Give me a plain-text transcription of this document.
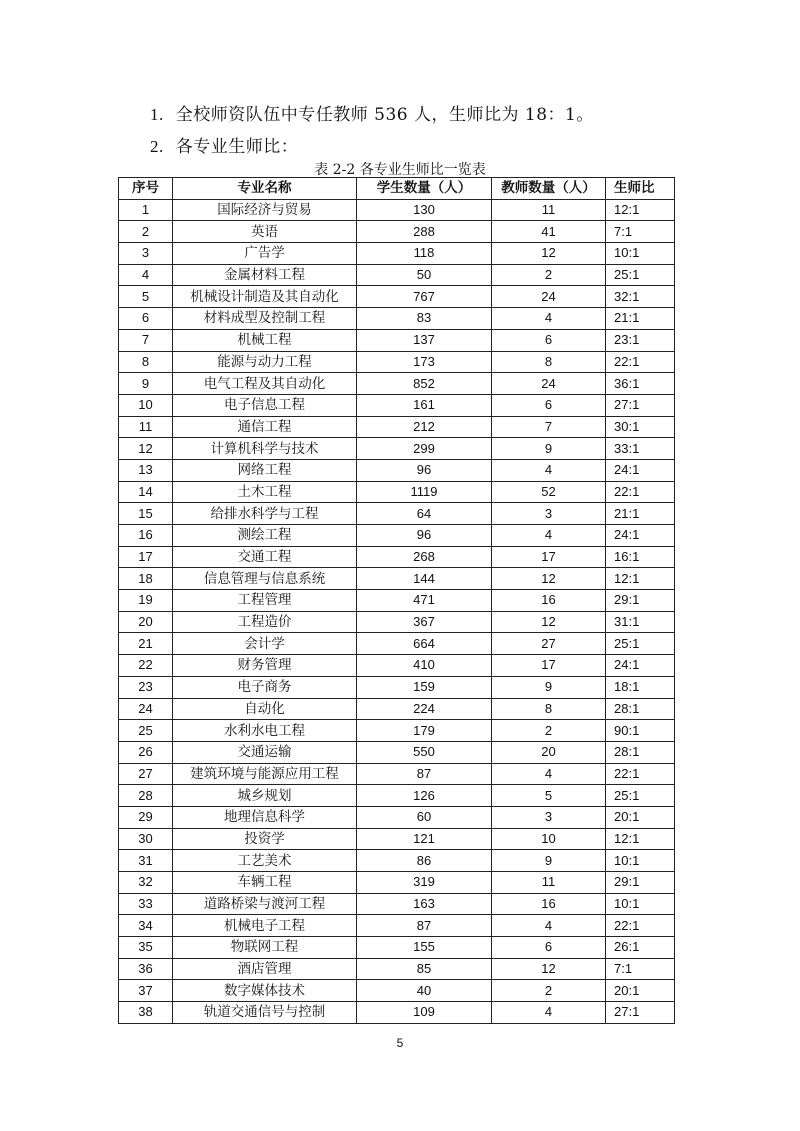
1. 全校师资队伍中专任教师 536 人，生师比为 18：1。
2. 各专业生师比：
表 2-2 各专业生师比一览表
序号	专业名称	学生数量（人）	教师数量（人）	生师比
1	国际经济与贸易	130	11	12:1
2	英语	288	41	7:1
3	广告学	118	12	10:1
4	金属材料工程	50	2	25:1
5	机械设计制造及其自动化	767	24	32:1
6	材料成型及控制工程	83	4	21:1
7	机械工程	137	6	23:1
8	能源与动力工程	173	8	22:1
9	电气工程及其自动化	852	24	36:1
10	电子信息工程	161	6	27:1
11	通信工程	212	7	30:1
12	计算机科学与技术	299	9	33:1
13	网络工程	96	4	24:1
14	土木工程	1119	52	22:1
15	给排水科学与工程	64	3	21:1
16	测绘工程	96	4	24:1
17	交通工程	268	17	16:1
18	信息管理与信息系统	144	12	12:1
19	工程管理	471	16	29:1
20	工程造价	367	12	31:1
21	会计学	664	27	25:1
22	财务管理	410	17	24:1
23	电子商务	159	9	18:1
24	自动化	224	8	28:1
25	水利水电工程	179	2	90:1
26	交通运输	550	20	28:1
27	建筑环境与能源应用工程	87	4	22:1
28	城乡规划	126	5	25:1
29	地理信息科学	60	3	20:1
30	投资学	121	10	12:1
31	工艺美术	86	9	10:1
32	车辆工程	319	11	29:1
33	道路桥梁与渡河工程	163	16	10:1
34	机械电子工程	87	4	22:1
35	物联网工程	155	6	26:1
36	酒店管理	85	12	7:1
37	数字媒体技术	40	2	20:1
38	轨道交通信号与控制	109	4	27:1
5
